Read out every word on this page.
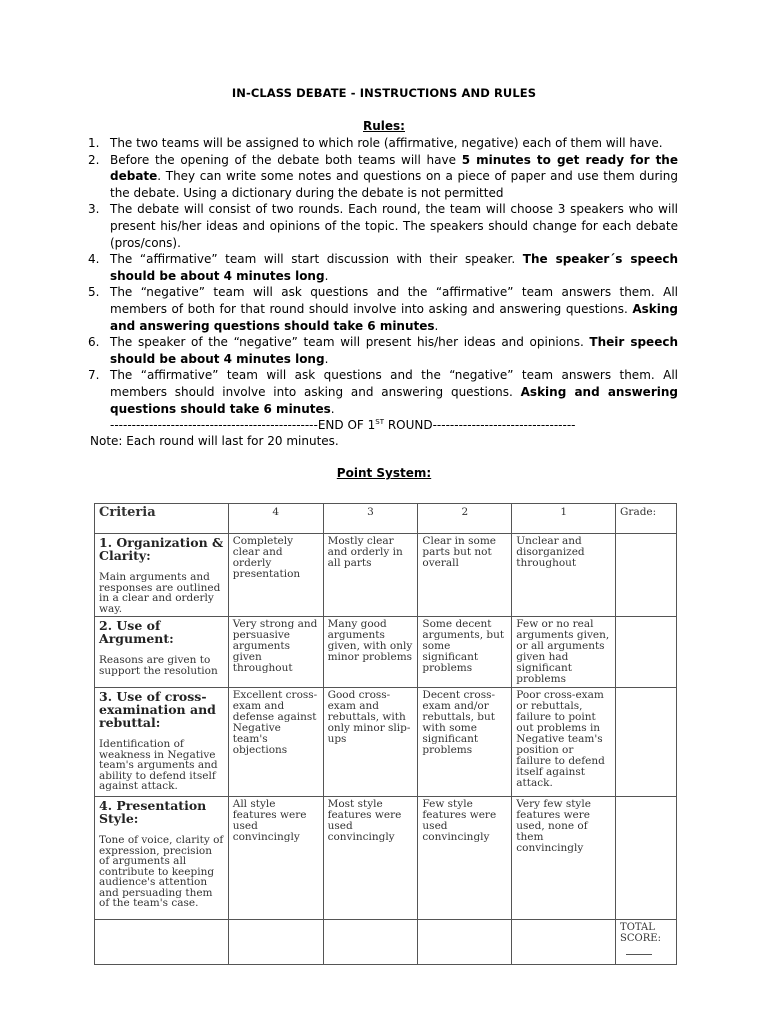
IN-CLASS DEBATE - INSTRUCTIONS AND RULES
Rules:
1. The two teams will be assigned to which role (affirmative, negative) each of them will have.
2. Before the opening of the debate both teams will have 5 minutes to get ready for the debate. They can write some notes and questions on a piece of paper and use them during the debate. Using a dictionary during the debate is not permitted
3. The debate will consist of two rounds. Each round, the team will choose 3 speakers who will present his/her ideas and opinions of the topic. The speakers should change for each debate (pros/cons).
4. The “affirmative” team will start discussion with their speaker. The speaker´s speech should be about 4 minutes long.
5. The “negative” team will ask questions and the “affirmative” team answers them. All members of both for that round should involve into asking and answering questions. Asking and answering questions should take 6 minutes.
6. The speaker of the “negative” team will present his/her ideas and opinions. Their speech should be about 4 minutes long.
7. The “affirmative” team will ask questions and the “negative” team answers them. All members should involve into asking and answering questions. Asking and answering questions should take 6 minutes.
------------------------------------------------END OF 1ST ROUND---------------------------------
Note: Each round will last for 20 minutes.
Point System:
Criteria	4	3	2	1	Grade:

1. Organization & Clarity:
Main arguments and responses are outlined in a clear and orderly way.	Completely clear and orderly presentation	Mostly clear and orderly in all parts	Clear in some parts but not overall	Unclear and disorganized throughout	

2. Use of Argument:
Reasons are given to support the resolution	Very strong and persuasive arguments given throughout	Many good arguments given, with only minor problems	Some decent arguments, but some significant problems	Few or no real arguments given, or all arguments given had significant problems	

3. Use of cross-examination and rebuttal:
Identification of weakness in Negative team's arguments and ability to defend itself against attack.	Excellent cross-exam and defense against Negative team's objections	Good cross-exam and rebuttals, with only minor slip-ups	Decent cross-exam and/or rebuttals, but with some significant problems	Poor cross-exam or rebuttals, failure to point out problems in Negative team's position or failure to defend itself against attack.	

4. Presentation Style:
Tone of voice, clarity of expression, precision of arguments all contribute to keeping audience's attention and persuading them of the team's case.	All style features were used convincingly	Most style features were used convincingly	Few style features were used convincingly	Very few style features were used, none of them convincingly	
					TOTAL SCORE:
